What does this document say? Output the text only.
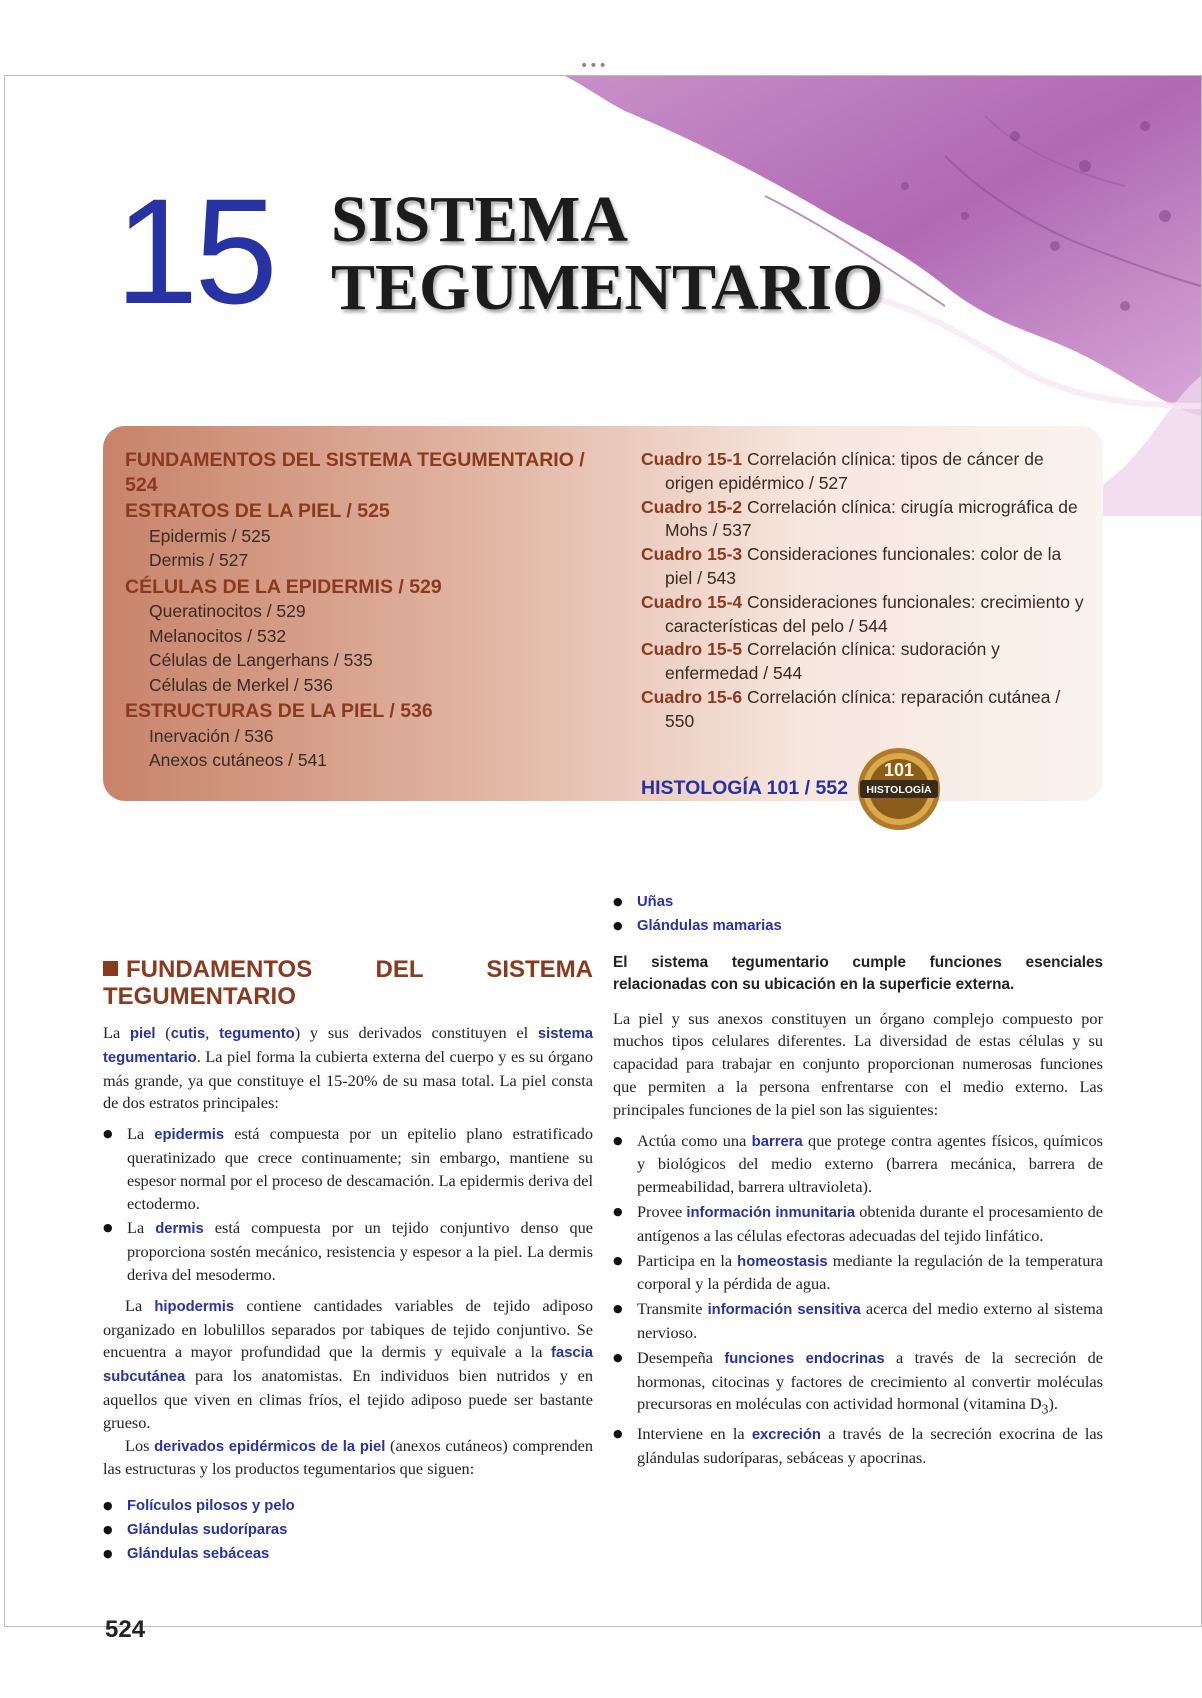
•••
15 SISTEMA
TEGUMENTARIO
FUNDAMENTOS DEL SISTEMA TEGUMENTARIO / 524
ESTRATOS DE LA PIEL / 525
Epidermis / 525
Dermis / 527
CÉLULAS DE LA EPIDERMIS / 529
Queratinocitos / 529
Melanocitos / 532
Células de Langerhans / 535
Células de Merkel / 536
ESTRUCTURAS DE LA PIEL / 536
Inervación / 536
Anexos cutáneos / 541
Cuadro 15-1 Correlación clínica: tipos de cáncer de origen epidérmico / 527
Cuadro 15-2 Correlación clínica: cirugía micrográfica de Mohs / 537
Cuadro 15-3 Consideraciones funcionales: color de la piel / 543
Cuadro 15-4 Consideraciones funcionales: crecimiento y características del pelo / 544
Cuadro 15-5 Correlación clínica: sudoración y enfermedad / 544
Cuadro 15-6 Correlación clínica: reparación cutánea / 550
HISTOLOGÍA 101 / 552
101
HISTOLOGÍA
FUNDAMENTOS DEL SISTEMA TEGUMENTARIO

La piel (cutis, tegumento) y sus derivados constituyen el sistema tegumentario. La piel forma la cubierta externa del cuerpo y es su órgano más grande, ya que constituye el 15-20% de su masa total. La piel consta de dos estratos principales:

● La epidermis está compuesta por un epitelio plano estratificado queratinizado que crece continuamente; sin embargo, mantiene su espesor normal por el proceso de descamación. La epidermis deriva del ectodermo.
● La dermis está compuesta por un tejido conjuntivo denso que proporciona sostén mecánico, resistencia y espesor a la piel. La dermis deriva del mesodermo.

La hipodermis contiene cantidades variables de tejido adiposo organizado en lobulillos separados por tabiques de tejido conjuntivo. Se encuentra a mayor profundidad que la dermis y equivale a la fascia subcutánea para los anatomistas. En individuos bien nutridos y en aquellos que viven en climas fríos, el tejido adiposo puede ser bastante grueso.

Los derivados epidérmicos de la piel (anexos cutáneos) comprenden las estructuras y los productos tegumentarios que siguen:

● Folículos pilosos y pelo
● Glándulas sudoríparas
● Glándulas sebáceas
● Uñas
● Glándulas mamarias
El sistema tegumentario cumple funciones esenciales relacionadas con su ubicación en la superficie externa.

La piel y sus anexos constituyen un órgano complejo compuesto por muchos tipos celulares diferentes. La diversidad de estas células y su capacidad para trabajar en conjunto proporcionan numerosas funciones que permiten a la persona enfrentarse con el medio externo. Las principales funciones de la piel son las siguientes:

● Actúa como una barrera que protege contra agentes físicos, químicos y biológicos del medio externo (barrera mecánica, barrera de permeabilidad, barrera ultravioleta).
● Provee información inmunitaria obtenida durante el procesamiento de antígenos a las células efectoras adecuadas del tejido linfático.
● Participa en la homeostasis mediante la regulación de la temperatura corporal y la pérdida de agua.
● Transmite información sensitiva acerca del medio externo al sistema nervioso.
● Desempeña funciones endocrinas a través de la secreción de hormonas, citocinas y factores de crecimiento al convertir moléculas precursoras en moléculas con actividad hormonal (vitamina $D_3$).
● Interviene en la excreción a través de la secreción exocrina de las glándulas sudoríparas, sebáceas y apocrinas.
524
